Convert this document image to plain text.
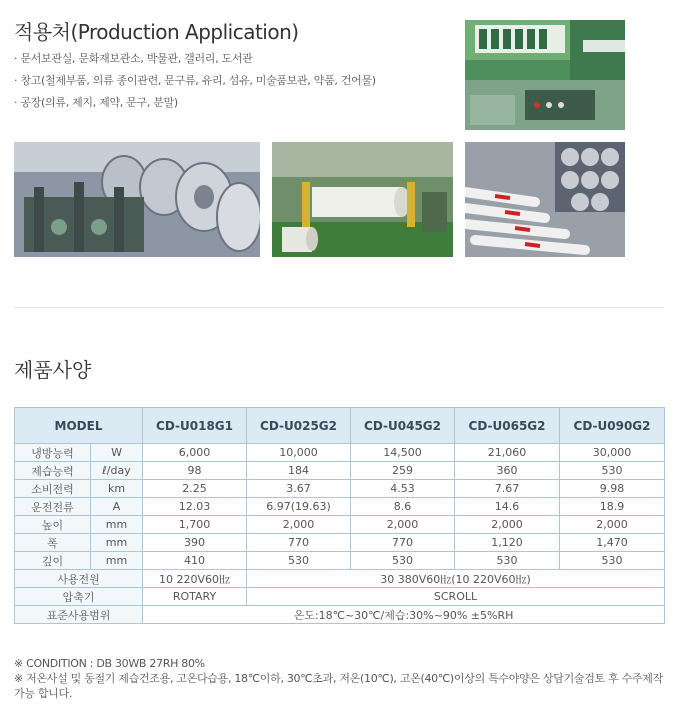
적용처(Production Application)
· 문서보관실, 문화재보관소, 박물관, 갤러리, 도서관
· 창고(철제부품, 의류 종이관련, 문구류, 유리, 섬유, 미술품보관, 약품, 건어물)
· 공장(의류, 제지, 제약, 문구, 분말)
제품사양
MODEL		CD-U018G1	CD-U025G2	CD-U045G2	CD-U065G2	CD-U090G2
냉방능력	W	6,000	10,000	14,500	21,060	30,000
제습능력	ℓ/day	98	184	259	360	530
소비전력	km	2.25	3.67	4.53	7.67	9.98
운전전류	A	12.03	6.97(19.63)	8.6	14.6	18.9
높이	mm	1,700	2,000	2,000	2,000	2,000
폭	mm	390	770	770	1,120	1,470
깊이	mm	410	530	530	530	530
사용전원		10 220V60㎐	30 380V60㎐(10 220V60㎐)			
압축기		ROTARY	SCROLL			
표준사용범위		온도:18℃~30℃/제습:30%~90% ±5%RH				
※ CONDITION : DB 30WB 27RH 80%
※ 저온사설 및 동절기 제습건조용, 고온다습용, 18℃이하, 30℃초과, 저온(10℃), 고온(40℃)이상의 특수야양은 상담기술검토 후 수주제작 가능 합니다.
